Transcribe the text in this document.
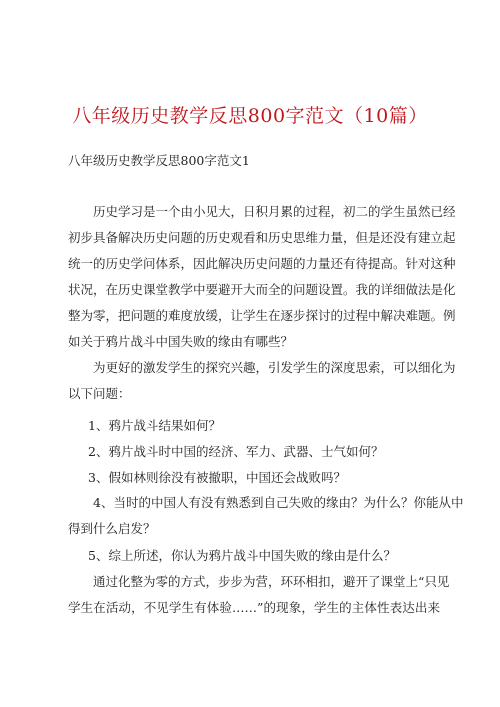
八年级历史教学反思800字范文（10篇）
八年级历史教学反思800字范文1
　　历史学习是一个由小见大，日积月累的过程，初二的学生虽然已经
初步具备解决历史问题的历史观看和历史思维力量，但是还没有建立起
统一的历史学问体系，因此解决历史问题的力量还有待提高。针对这种
状况，在历史课堂教学中要避开大而全的问题设置。我的详细做法是化
整为零，把问题的难度放缓，让学生在逐步探讨的过程中解决难题。例
如关于鸦片战斗中国失败的缘由有哪些？
　　为更好的激发学生的探究兴趣，引发学生的深度思索，可以细化为
以下问题：
1、鸦片战斗结果如何？
2、鸦片战斗时中国的经济、军力、武器、士气如何？
3、假如林则徐没有被撤职，中国还会战败吗？
　　4、当时的中国人有没有熟悉到自己失败的缘由？为什么？你能从中
得到什么启发？
5、综上所述，你认为鸦片战斗中国失败的缘由是什么？
　　通过化整为零的方式，步步为营，环环相扣，避开了课堂上“只见
学生在活动，不见学生有体验……”的现象，学生的主体性表达出来
